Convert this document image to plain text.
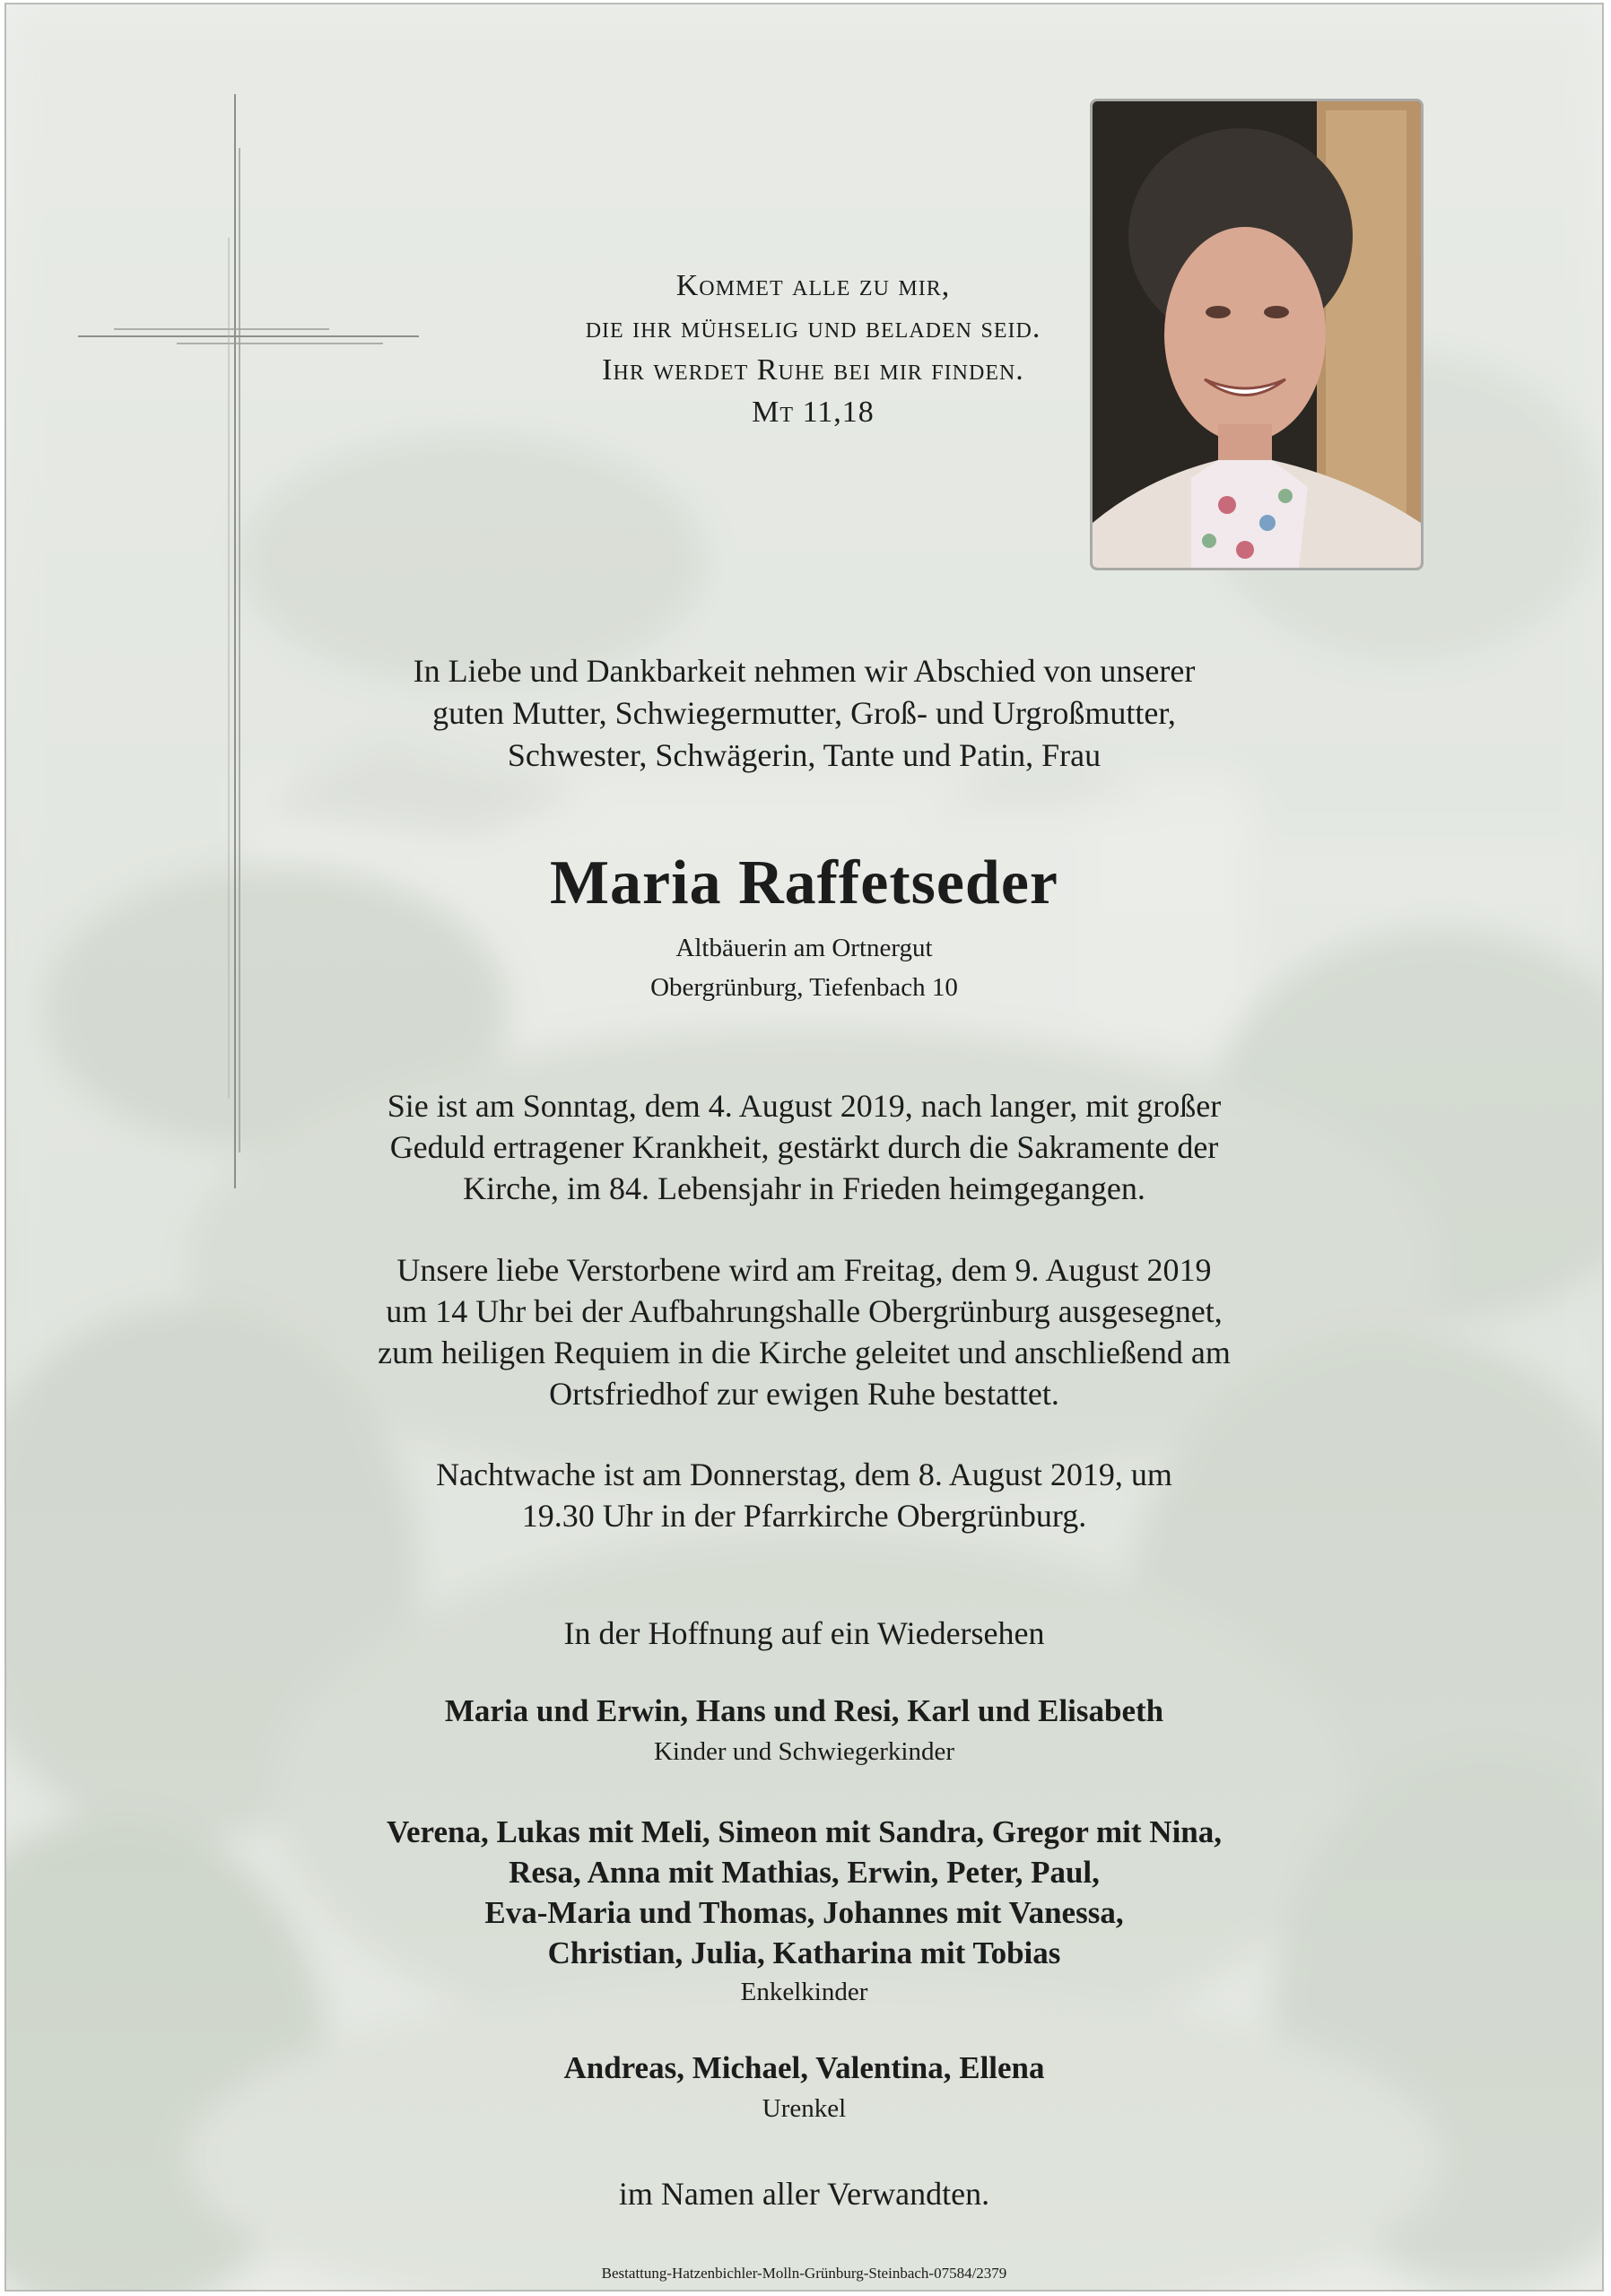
Kommet alle zu mir,
die ihr mühselig und beladen seid.
Ihr werdet Ruhe bei mir finden.
Mt 11,18
In Liebe und Dankbarkeit nehmen wir Abschied von unserer
guten Mutter, Schwiegermutter, Groß- und Urgroßmutter,
Schwester, Schwägerin, Tante und Patin, Frau
Maria Raffetseder
Altbäuerin am Ortnergut
Obergrünburg, Tiefenbach 10
Sie ist am Sonntag, dem 4. August 2019, nach langer, mit großer
Geduld ertragener Krankheit, gestärkt durch die Sakramente der
Kirche, im 84. Lebensjahr in Frieden heimgegangen.
Unsere liebe Verstorbene wird am Freitag, dem 9. August 2019
um 14 Uhr bei der Aufbahrungshalle Obergrünburg ausgesegnet,
zum heiligen Requiem in die Kirche geleitet und anschließend am
Ortsfriedhof zur ewigen Ruhe bestattet.
Nachtwache ist am Donnerstag, dem 8. August 2019, um
19.30 Uhr in der Pfarrkirche Obergrünburg.
In der Hoffnung auf ein Wiedersehen
Maria und Erwin, Hans und Resi, Karl und Elisabeth
Kinder und Schwiegerkinder
Verena, Lukas mit Meli, Simeon mit Sandra, Gregor mit Nina,
Resa, Anna mit Mathias, Erwin, Peter, Paul,
Eva-Maria und Thomas, Johannes mit Vanessa,
Christian, Julia, Katharina mit Tobias
Enkelkinder
Andreas, Michael, Valentina, Ellena
Urenkel
im Namen aller Verwandten.
Bestattung-Hatzenbichler-Molln-Grünburg-Steinbach-07584/2379
